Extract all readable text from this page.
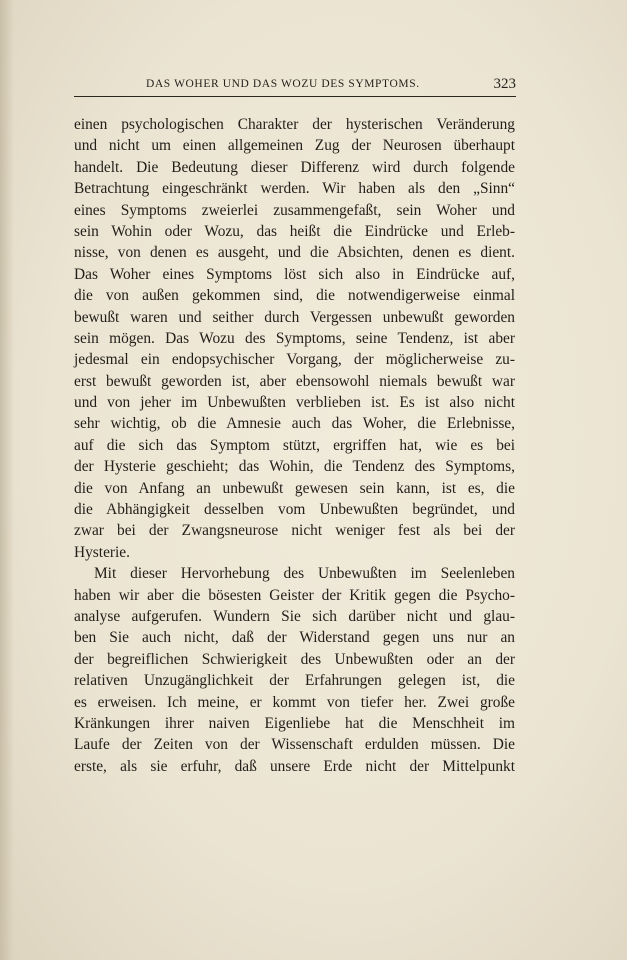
DAS WOHER UND DAS WOZU DES SYMPTOMS.	323
einen psychologischen Charakter der hysterischen Veränderung
und nicht um einen allgemeinen Zug der Neurosen überhaupt
handelt. Die Bedeutung dieser Differenz wird durch folgende
Betrachtung eingeschränkt werden. Wir haben als den „Sinn“
eines Symptoms zweierlei zusammengefaßt, sein Woher und
sein Wohin oder Wozu, das heißt die Eindrücke und Erleb-
nisse, von denen es ausgeht, und die Absichten, denen es dient.
Das Woher eines Symptoms löst sich also in Eindrücke auf,
die von außen gekommen sind, die notwendigerweise einmal
bewußt waren und seither durch Vergessen unbewußt geworden
sein mögen. Das Wozu des Symptoms, seine Tendenz, ist aber
jedesmal ein endopsychischer Vorgang, der möglicherweise zu-
erst bewußt geworden ist, aber ebensowohl niemals bewußt war
und von jeher im Unbewußten verblieben ist. Es ist also nicht
sehr wichtig, ob die Amnesie auch das Woher, die Erlebnisse,
auf die sich das Symptom stützt, ergriffen hat, wie es bei
der Hysterie geschieht; das Wohin, die Tendenz des Symptoms,
die von Anfang an unbewußt gewesen sein kann, ist es, die
die Abhängigkeit desselben vom Unbewußten begründet, und
zwar bei der Zwangsneurose nicht weniger fest als bei der
Hysterie.
Mit dieser Hervorhebung des Unbewußten im Seelenleben
haben wir aber die bösesten Geister der Kritik gegen die Psycho-
analyse aufgerufen. Wundern Sie sich darüber nicht und glau-
ben Sie auch nicht, daß der Widerstand gegen uns nur an
der begreiflichen Schwierigkeit des Unbewußten oder an der
relativen Unzugänglichkeit der Erfahrungen gelegen ist, die
es erweisen. Ich meine, er kommt von tiefer her. Zwei große
Kränkungen ihrer naiven Eigenliebe hat die Menschheit im
Laufe der Zeiten von der Wissenschaft erdulden müssen. Die
erste, als sie erfuhr, daß unsere Erde nicht der Mittelpunkt
